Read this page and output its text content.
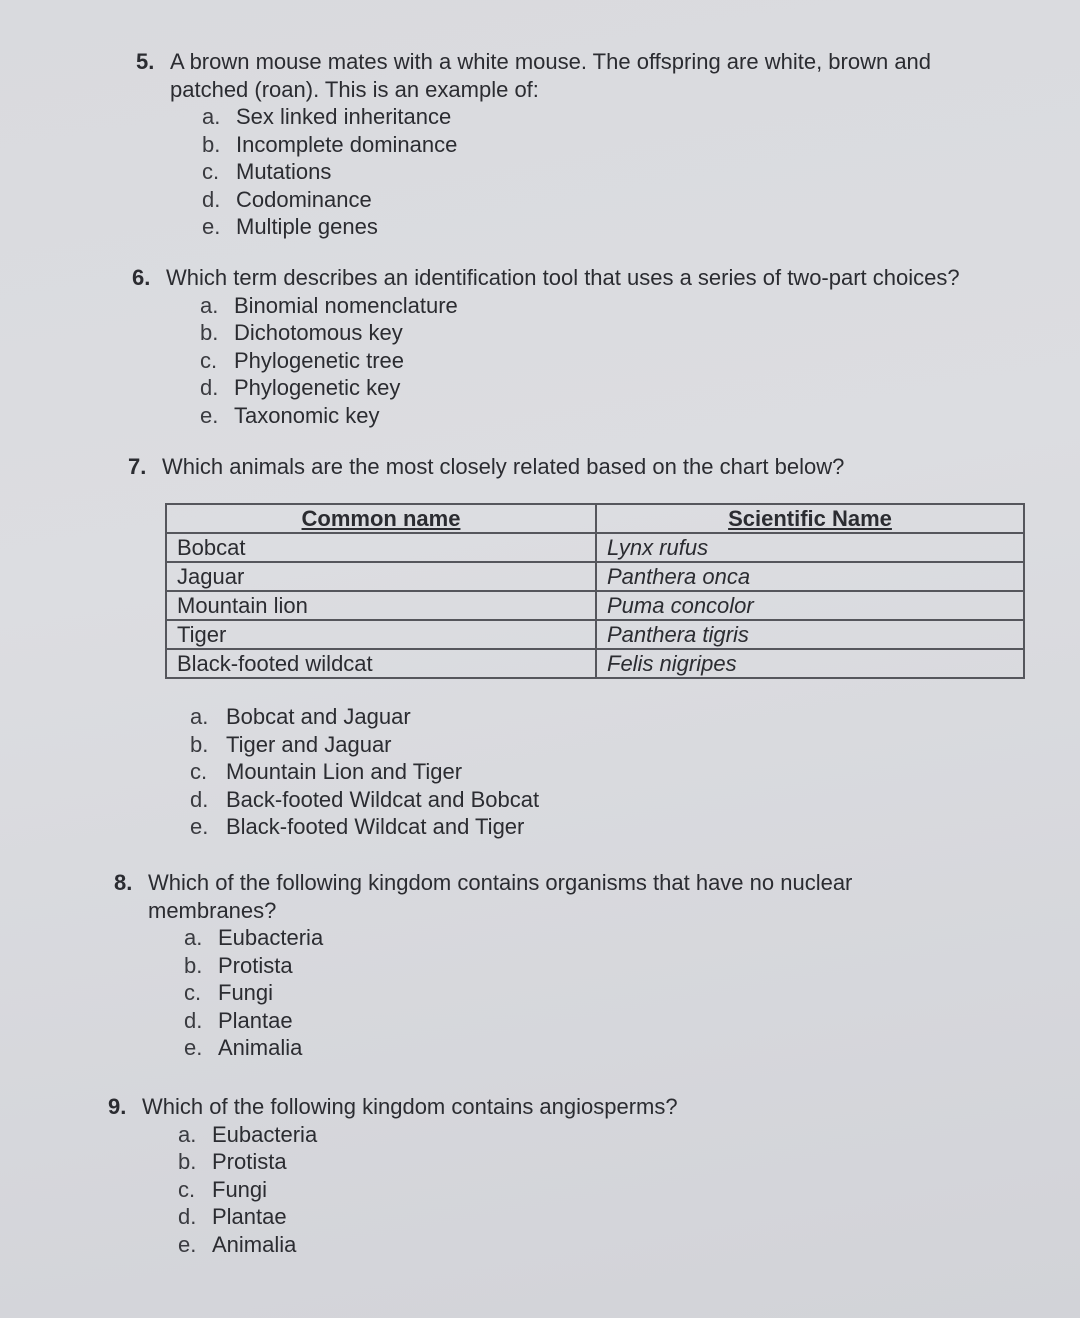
5. A brown mouse mates with a white mouse. The offspring are white, brown and patched (roan). This is an example of:
a. Sex linked inheritance
b. Incomplete dominance
c. Mutations
d. Codominance
e. Multiple genes
6. Which term describes an identification tool that uses a series of two-part choices?
a. Binomial nomenclature
b. Dichotomous key
c. Phylogenetic tree
d. Phylogenetic key
e. Taxonomic key
7. Which animals are the most closely related based on the chart below?
Common name	Scientific Name
Bobcat	Lynx rufus
Jaguar	Panthera onca
Mountain lion	Puma concolor
Tiger	Panthera tigris
Black-footed wildcat	Felis nigripes
a. Bobcat and Jaguar
b. Tiger and Jaguar
c. Mountain Lion and Tiger
d. Back-footed Wildcat and Bobcat
e. Black-footed Wildcat and Tiger
8. Which of the following kingdom contains organisms that have no nuclear membranes?
a. Eubacteria
b. Protista
c. Fungi
d. Plantae
e. Animalia
9. Which of the following kingdom contains angiosperms?
a. Eubacteria
b. Protista
c. Fungi
d. Plantae
e. Animalia
